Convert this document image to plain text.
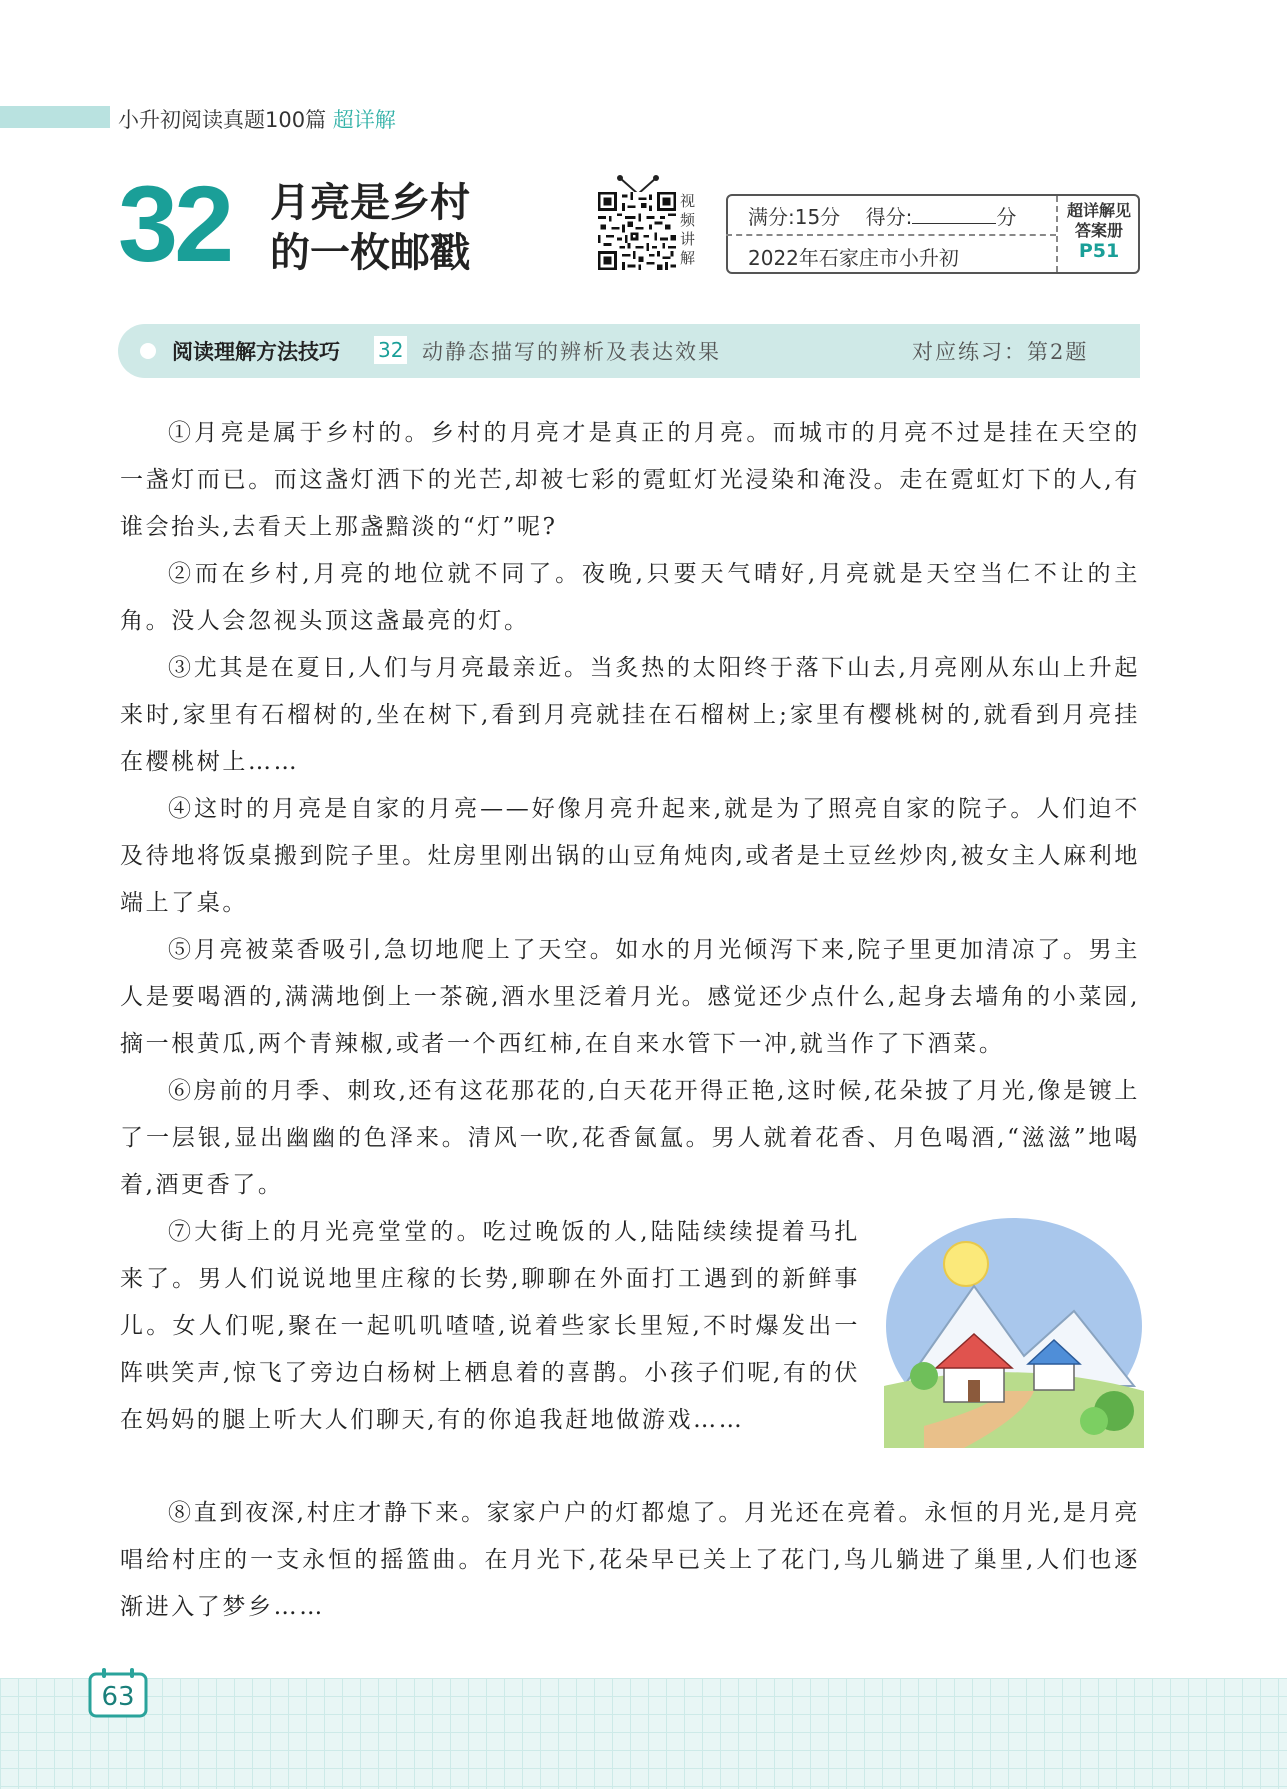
小升初阅读真题100篇 超详解
32 月亮是乡村
的一枚邮戳
视
频
讲
解
满分:15分 得分:	分
2022年石家庄市小升初
超详解见
答案册
P51
阅读理解方法技巧 32 动静态描写的辨析及表达效果	对应练习：第2题

①月亮是属于乡村的。乡村的月亮才是真正的月亮。而城市的月亮不过是挂在天空的一盏灯而已。而这盏灯洒下的光芒,却被七彩的霓虹灯光浸染和淹没。走在霓虹灯下的人,有谁会抬头,去看天上那盏黯淡的“灯”呢?

②而在乡村,月亮的地位就不同了。夜晚,只要天气晴好,月亮就是天空当仁不让的主角。没人会忽视头顶这盏最亮的灯。

③尤其是在夏日,人们与月亮最亲近。当炙热的太阳终于落下山去,月亮刚从东山上升起来时,家里有石榴树的,坐在树下,看到月亮就挂在石榴树上;家里有樱桃树的,就看到月亮挂在樱桃树上……

④这时的月亮是自家的月亮——好像月亮升起来,就是为了照亮自家的院子。人们迫不及待地将饭桌搬到院子里。灶房里刚出锅的山豆角炖肉,或者是土豆丝炒肉,被女主人麻利地端上了桌。

⑤月亮被菜香吸引,急切地爬上了天空。如水的月光倾泻下来,院子里更加清凉了。男主人是要喝酒的,满满地倒上一茶碗,酒水里泛着月光。感觉还少点什么,起身去墙角的小菜园,摘一根黄瓜,两个青辣椒,或者一个西红柿,在自来水管下一冲,就当作了下酒菜。

⑥房前的月季、刺玫,还有这花那花的,白天花开得正艳,这时候,花朵披了月光,像是镀上了一层银,显出幽幽的色泽来。清风一吹,花香氤氲。男人就着花香、月色喝酒,“滋滋”地喝着,酒更香了。

⑦大街上的月光亮堂堂的。吃过晚饭的人,陆陆续续提着马扎来了。男人们说说地里庄稼的长势,聊聊在外面打工遇到的新鲜事儿。女人们呢,聚在一起叽叽喳喳,说着些家长里短,不时爆发出一阵哄笑声,惊飞了旁边白杨树上栖息着的喜鹊。小孩子们呢,有的伏在妈妈的腿上听大人们聊天,有的你追我赶地做游戏……

⑧直到夜深,村庄才静下来。家家户户的灯都熄了。月光还在亮着。永恒的月光,是月亮唱给村庄的一支永恒的摇篮曲。在月光下,花朵早已关上了花门,鸟儿躺进了巢里,人们也逐渐进入了梦乡……

63
